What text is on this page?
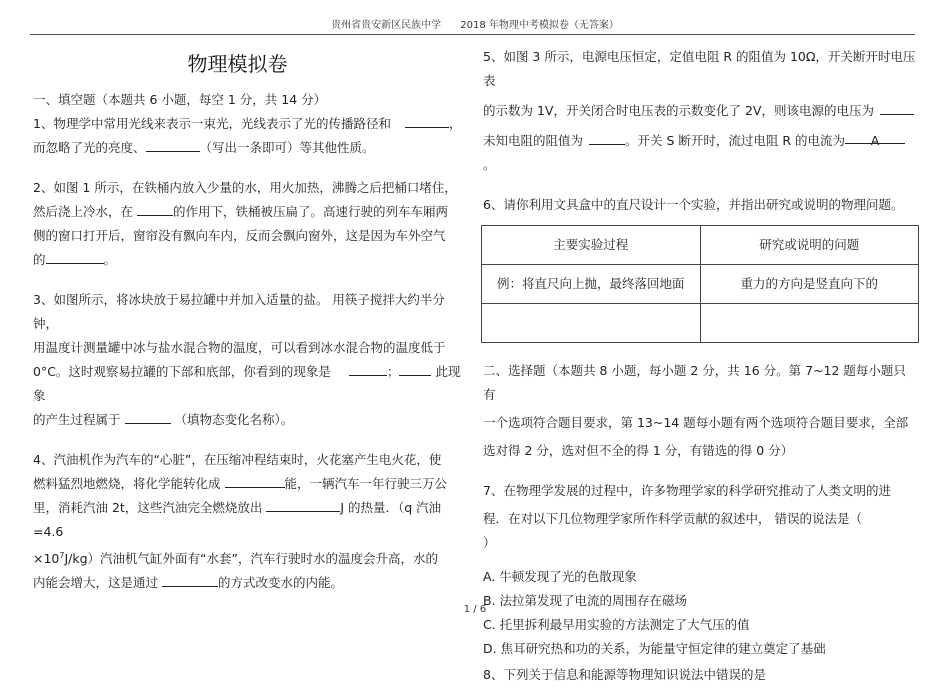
贵州省贵安新区民族中学 2018 年物理中考模拟卷（无答案）
物理模拟卷

一、填空题（本题共 6 小题，每空 1 分，共 14 分）

1、物理学中常用光线来表示一束光，光线表示了光的传播路径和	，

而忽略了光的亮度、	（写出一条即可）等其他性质。

2、如图 1 所示，在铁桶内放入少量的水，用火加热，沸腾之后把桶口堵住，

然后浇上冷水，在	的作用下，铁桶被压扁了。高速行驶的列车车厢两

侧的窗口打开后，窗帘没有飘向车内，反而会飘向窗外，这是因为车外空气

的	。

3、如图所示，将冰块放于易拉罐中并加入适量的盐。 用筷子搅拌大约半分钟，

用温度计测量罐中冰与盐水混合物的温度，可以看到冰水混合物的温度低于

0°C。这时观察易拉罐的下部和底部，你看到的现象是	；	此现象

的产生过程属于	（填物态变化名称）。

4、汽油机作为汽车的“心脏”，在压缩冲程结束时，火花塞产生电火花，使

燃料猛烈地燃烧，将化学能转化成	能，一辆汽车一年行驶三万公

里，消耗汽油 2t，这些汽油完全燃烧放出	J 的热量．（q 汽油=4.6

$\times 10^7J/kg$）汽油机气缸外面有“水套”，汽车行驶时水的温度会升高，水的

内能会增大，这是通过	的方式改变水的内能。

5、如图 3 所示，电源电压恒定，定值电阻 R 的阻值为 10Ω，开关断开时电压表

的示数为 1V，开关闭合时电压表的示数变化了 2V，则该电源的电压为

未知电阻的阻值为	。开关 S 断开时，流过电阻 R 的电流为 A 。

6、请你利用文具盒中的直尺设计一个实验，并指出研究或说明的物理问题。

主要实验过程	研究或说明的问题
例：将直尺向上抛，最终落回地面	重力的方向是竖直向下的

二、选择题（本题共 8 小题，每小题 2 分，共 16 分。第 7~12 题每小题只有

一个选项符合题目要求，第 13~14 题每小题有两个选项符合题目要求，全部

选对得 2 分，选对但不全的得 1 分，有错选的得 0 分）

7、在物理学发展的过程中，许多物理学家的科学研究推动了人类文明的进

程．在对以下几位物理学家所作科学贡献的叙述中， 错误的说法是（）

A. 牛顿发现了光的色散现象

B. 法拉第发现了电流的周围存在磁场

C. 托里拆利最早用实验的方法测定了大气压的值

D. 焦耳研究热和功的关系，为能量守恒定律的建立奠定了基础

8、下列关于信息和能源等物理知识说法中错误的是

1 / 6
